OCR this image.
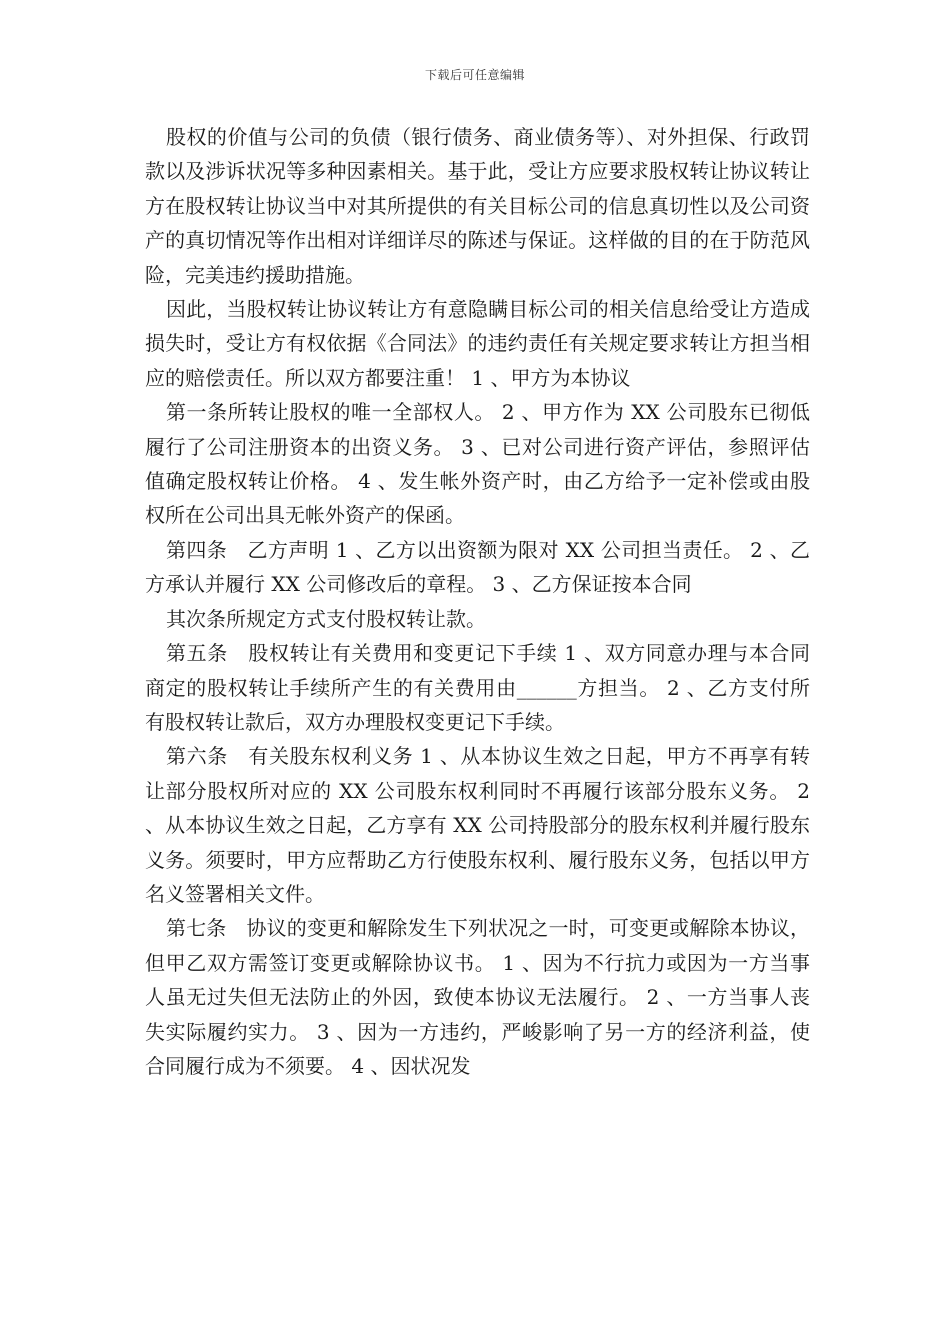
下载后可任意编辑

股权的价值与公司的负债（银行债务、商业债务等）、对外担保、行政罚款以及涉诉状况等多种因素相关。基于此，受让方应要求股权转让协议转让方在股权转让协议当中对其所提供的有关目标公司的信息真切性以及公司资产的真切情况等作出相对详细详尽的陈述与保证。这样做的目的在于防范风险，完美违约援助措施。

因此，当股权转让协议转让方有意隐瞒目标公司的相关信息给受让方造成损失时，受让方有权依据《合同法》的违约责任有关规定要求转让方担当相应的赔偿责任。所以双方都要注重！ 1 、甲方为本协议

第一条所转让股权的唯一全部权人。 2 、甲方作为 XX 公司股东已彻低履行了公司注册资本的出资义务。 3 、已对公司进行资产评估，参照评估值确定股权转让价格。 4 、发生帐外资产时，由乙方给予一定补偿或由股权所在公司出具无帐外资产的保函。

第四条　乙方声明 1 、乙方以出资额为限对 XX 公司担当责任。 2 、乙方承认并履行 XX 公司修改后的章程。 3 、乙方保证按本合同

其次条所规定方式支付股权转让款。

第五条　股权转让有关费用和变更记下手续 1 、双方同意办理与本合同商定的股权转让手续所产生的有关费用由______方担当。 2 、乙方支付所有股权转让款后，双方办理股权变更记下手续。

第六条　有关股东权利义务 1 、从本协议生效之日起，甲方不再享有转让部分股权所对应的 XX 公司股东权利同时不再履行该部分股东义务。 2 、从本协议生效之日起，乙方享有 XX 公司持股部分的股东权利并履行股东义务。须要时，甲方应帮助乙方行使股东权利、履行股东义务，包括以甲方名义签署相关文件。

第七条　协议的变更和解除发生下列状况之一时，可变更或解除本协议，但甲乙双方需签订变更或解除协议书。 1 、因为不行抗力或因为一方当事人虽无过失但无法防止的外因，致使本协议无法履行。 2 、一方当事人丧失实际履约实力。 3 、因为一方违约，严峻影响了另一方的经济利益，使合同履行成为不须要。 4 、因状况发
